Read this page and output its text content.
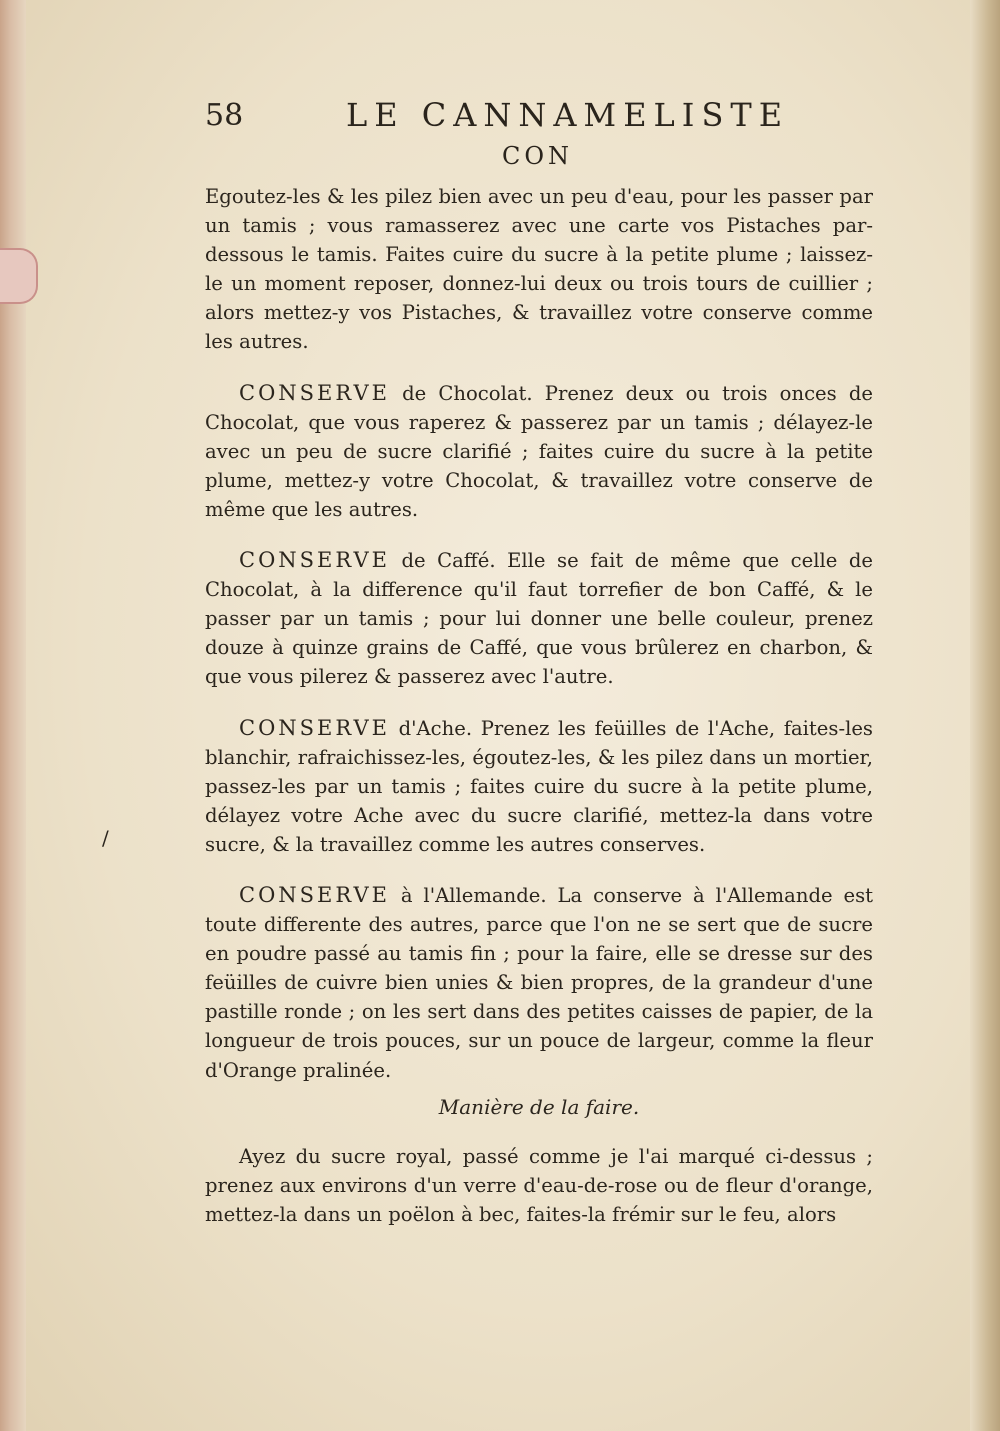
58	LE CANNAMELISTE
CON

Egoutez-les & les pilez bien avec un peu d'eau, pour les passer par un tamis ; vous ramasserez avec une carte vos Pistaches par-dessous le tamis. Faites cuire du sucre à la petite plume ; laissez-le un moment reposer, donnez-lui deux ou trois tours de cuillier ; alors mettez-y vos Pistaches, & travaillez votre conserve comme les autres.

CONSERVE de Chocolat. Prenez deux ou trois onces de Chocolat, que vous raperez & passerez par un tamis ; délayez-le avec un peu de sucre clarifié ; faites cuire du sucre à la petite plume, mettez-y votre Chocolat, & travaillez votre conserve de même que les autres.

CONSERVE de Caffé. Elle se fait de même que celle de Chocolat, à la difference qu'il faut torrefier de bon Caffé, & le passer par un tamis ; pour lui donner une belle couleur, prenez douze à quinze grains de Caffé, que vous brûlerez en charbon, & que vous pilerez & passerez avec l'autre.

CONSERVE d'Ache. Prenez les feüilles de l'Ache, faites-les blanchir, rafraichissez-les, égoutez-les, & les pilez dans un mortier, passez-les par un tamis ; faites cuire du sucre à la petite plume, délayez votre Ache avec du sucre clarifié, mettez-la dans votre sucre, & la travaillez comme les autres conserves.

CONSERVE à l'Allemande. La conserve à l'Allemande est toute differente des autres, parce que l'on ne se sert que de sucre en poudre passé au tamis fin ; pour la faire, elle se dresse sur des feüilles de cuivre bien unies & bien propres, de la grandeur d'une pastille ronde ; on les sert dans des petites caisses de papier, de la longueur de trois pouces, sur un pouce de largeur, comme la fleur d'Orange pralinée.

Manière de la faire.

Ayez du sucre royal, passé comme je l'ai marqué ci-dessus ; prenez aux environs d'un verre d'eau-de-rose ou de fleur d'orange, mettez-la dans un poëlon à bec, faites-la frémir sur le feu, alors

/
